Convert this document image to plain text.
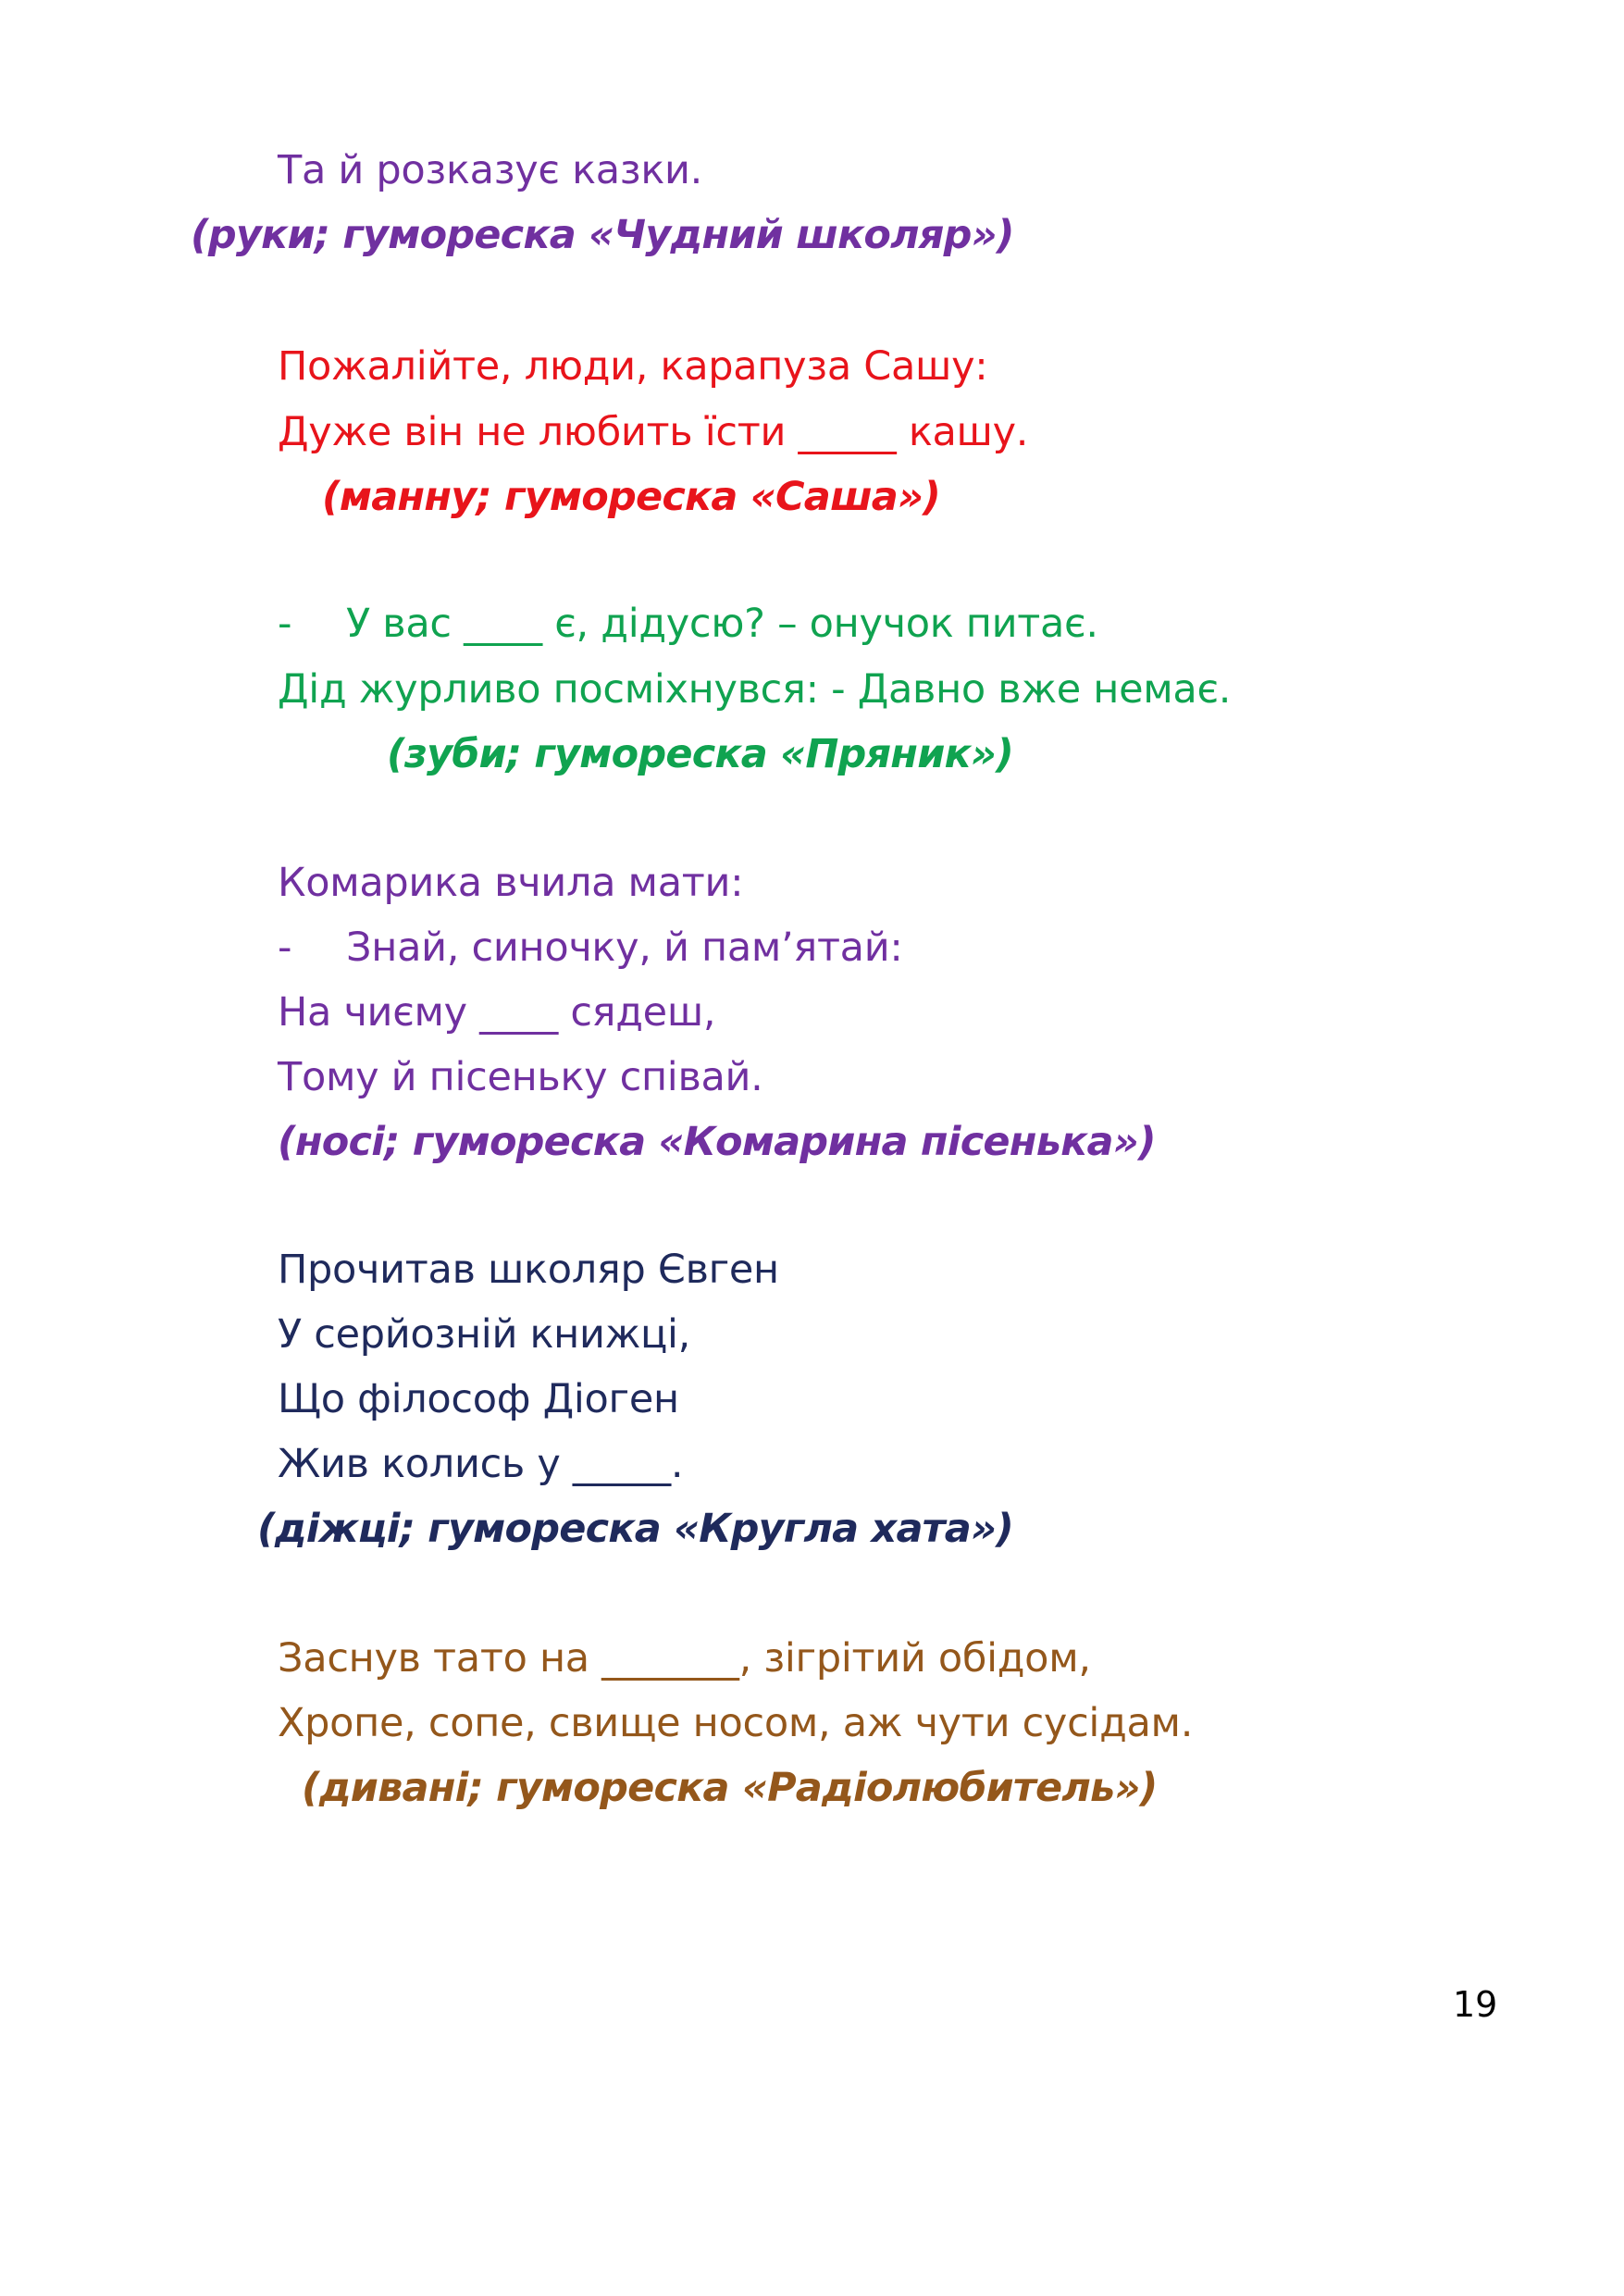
Та й розказує казки.
(руки; гумореска «Чудний школяр»)
Пожалійте, люди, карапуза Сашу:
Дуже він не любить їсти _____ кашу.
(манну; гумореска «Саша»)
- У вас ____ є, дідусю? – онучок питає.
Дід журливо посміхнувся: - Давно вже немає.
(зуби; гумореска «Пряник»)
Комарика вчила мати:
- Знай, синочку, й пам’ятай:
На чиєму ____ сядеш,
Тому й пісеньку співай.
(носі; гумореска «Комарина пісенька»)
Прочитав школяр Євген
У серйозній книжці,
Що філософ Діоген
Жив колись у _____.
(діжці; гумореска «Кругла хата»)
Заснув тато на _______, зігрітий обідом,
Хропе, сопе, свище носом, аж чути сусідам.
(дивані; гумореска «Радіолюбитель»)
19
